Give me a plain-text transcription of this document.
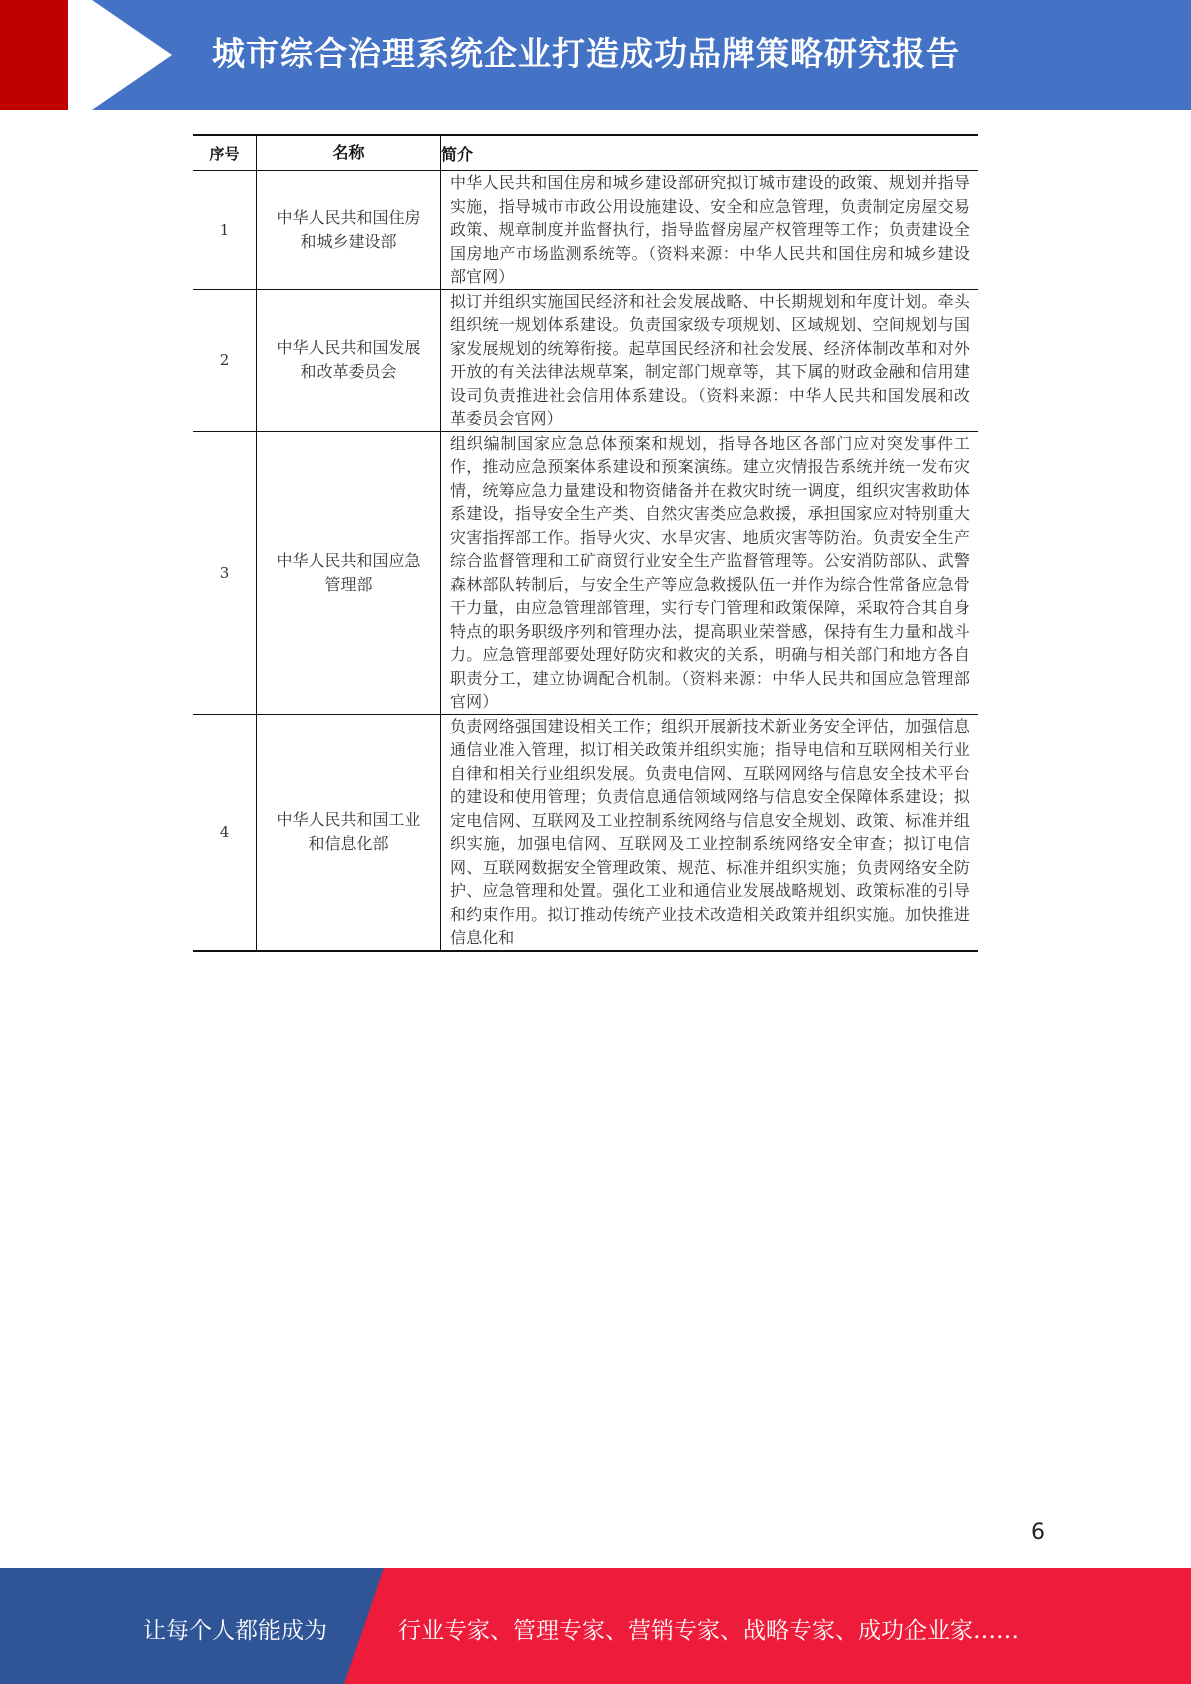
城市综合治理系统企业打造成功品牌策略研究报告
序号	名称	简介
1	中华人民共和国住房和城乡建设部	中华人民共和国住房和城乡建设部研究拟订城市建设的政策、规划并指导实施，指导城市市政公用设施建设、安全和应急管理，负责制定房屋交易政策、规章制度并监督执行，指导监督房屋产权管理等工作；负责建设全国房地产市场监测系统等。（资料来源：中华人民共和国住房和城乡建设部官网）
2	中华人民共和国发展和改革委员会	拟订并组织实施国民经济和社会发展战略、中长期规划和年度计划。牵头组织统一规划体系建设。负责国家级专项规划、区域规划、空间规划与国家发展规划的统筹衔接。起草国民经济和社会发展、经济体制改革和对外开放的有关法律法规草案，制定部门规章等，其下属的财政金融和信用建设司负责推进社会信用体系建设。（资料来源：中华人民共和国发展和改革委员会官网）
3	中华人民共和国应急管理部	组织编制国家应急总体预案和规划，指导各地区各部门应对突发事件工作，推动应急预案体系建设和预案演练。建立灾情报告系统并统一发布灾情，统筹应急力量建设和物资储备并在救灾时统一调度，组织灾害救助体系建设，指导安全生产类、自然灾害类应急救援，承担国家应对特别重大灾害指挥部工作。指导火灾、水旱灾害、地质灾害等防治。负责安全生产综合监督管理和工矿商贸行业安全生产监督管理等。公安消防部队、武警森林部队转制后，与安全生产等应急救援队伍一并作为综合性常备应急骨干力量，由应急管理部管理，实行专门管理和政策保障，采取符合其自身特点的职务职级序列和管理办法，提高职业荣誉感，保持有生力量和战斗力。应急管理部要处理好防灾和救灾的关系，明确与相关部门和地方各自职责分工，建立协调配合机制。（资料来源：中华人民共和国应急管理部官网）
4	中华人民共和国工业和信息化部	负责网络强国建设相关工作；组织开展新技术新业务安全评估，加强信息通信业准入管理，拟订相关政策并组织实施；指导电信和互联网相关行业自律和相关行业组织发展。负责电信网、互联网网络与信息安全技术平台的建设和使用管理；负责信息通信领域网络与信息安全保障体系建设；拟定电信网、互联网及工业控制系统网络与信息安全规划、政策、标准并组织实施，加强电信网、互联网及工业控制系统网络安全审查；拟订电信网、互联网数据安全管理政策、规范、标准并组织实施；负责网络安全防护、应急管理和处置。强化工业和通信业发展战略规划、政策标准的引导和约束作用。拟订推动传统产业技术改造相关政策并组织实施。加快推进信息化和
6
让每个人都能成为	行业专家、管理专家、营销专家、战略专家、成功企业家……
